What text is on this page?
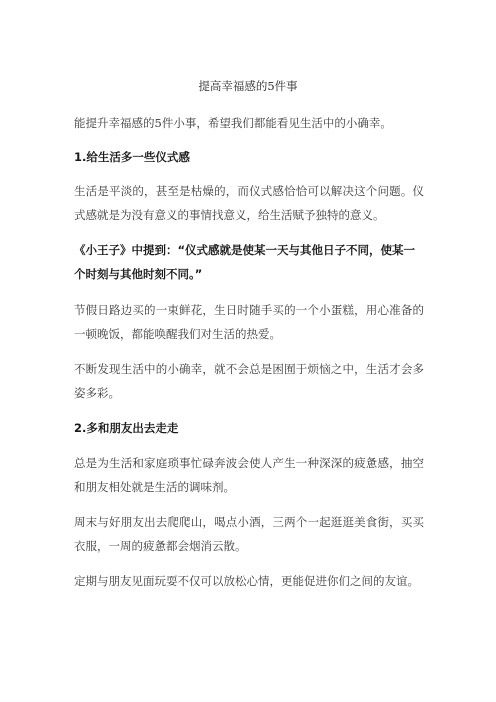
提高幸福感的5件事

能提升幸福感的5件小事，希望我们都能看见生活中的小确幸。

1.给生活多一些仪式感

生活是平淡的，甚至是枯燥的，而仪式感恰恰可以解决这个问题。仪式感就是为没有意义的事情找意义，给生活赋予独特的意义。

《小王子》中提到：“仪式感就是使某一天与其他日子不同，使某一个时刻与其他时刻不同。”

节假日路边买的一束鲜花，生日时随手买的一个小蛋糕，用心准备的一顿晚饭，都能唤醒我们对生活的热爱。

不断发现生活中的小确幸，就不会总是困囿于烦恼之中，生活才会多姿多彩。

2.多和朋友出去走走

总是为生活和家庭琐事忙碌奔波会使人产生一种深深的疲惫感，抽空和朋友相处就是生活的调味剂。

周末与好朋友出去爬爬山，喝点小酒，三两个一起逛逛美食街，买买衣服，一周的疲惫都会烟消云散。

定期与朋友见面玩耍不仅可以放松心情，更能促进你们之间的友谊。
